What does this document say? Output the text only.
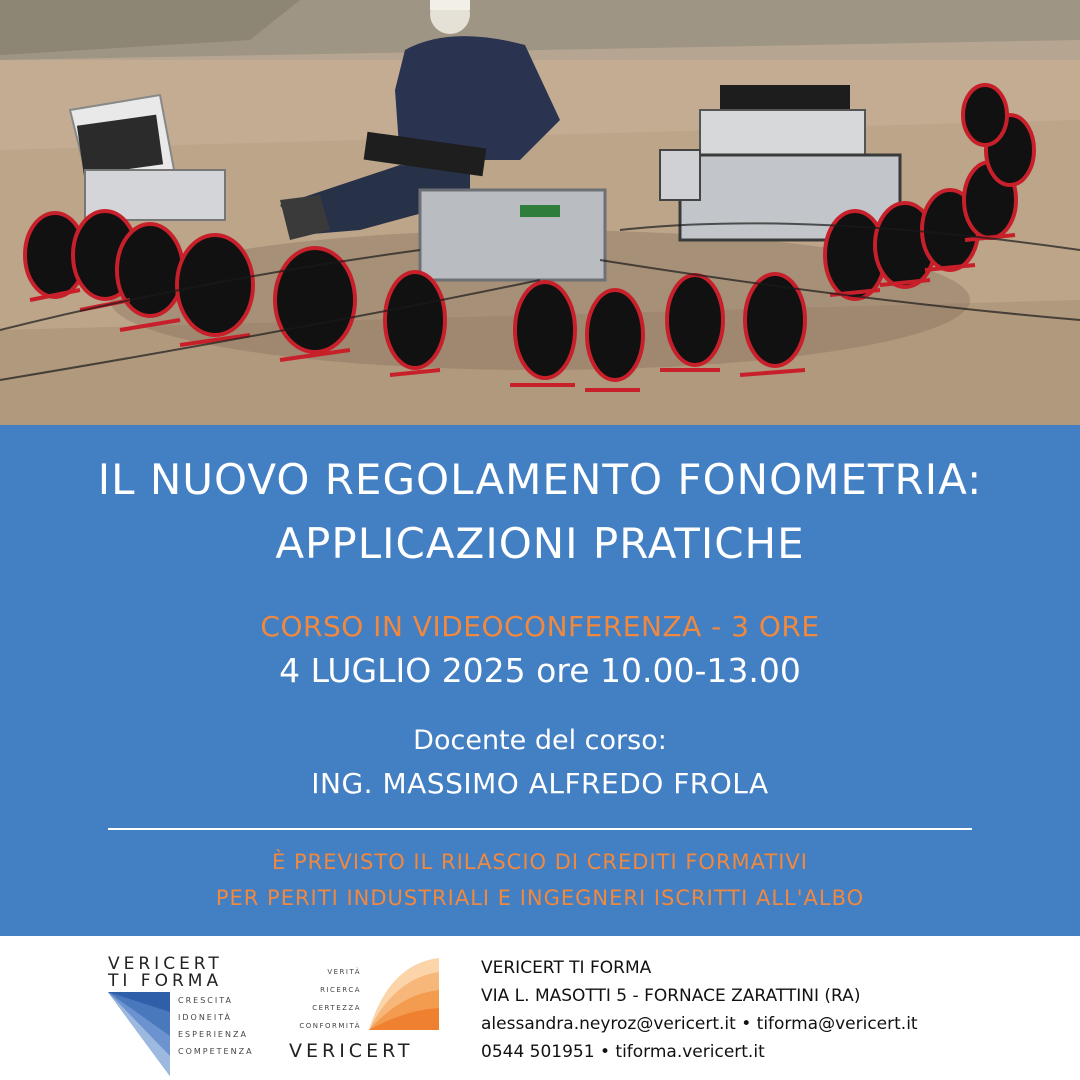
IL NUOVO REGOLAMENTO FONOMETRIA:
APPLICAZIONI PRATICHE
CORSO IN VIDEOCONFERENZA - 3 ORE
4 LUGLIO 2025 ore 10.00-13.00
Docente del corso:
ING. MASSIMO ALFREDO FROLA
È PREVISTO IL RILASCIO DI CREDITI FORMATIVI
PER PERITI INDUSTRIALI E INGEGNERI ISCRITTI ALL'ALBO
VERICERT
TI FORMA
CRESCITA
IDONEITÀ
ESPERIENZA
COMPETENZA
VERITÀ
RICERCA
CERTEZZA
CONFORMITÀ
VERICERT
VERICERT TI FORMA
VIA L. MASOTTI 5 - FORNACE ZARATTINI (RA)
alessandra.neyroz@vericert.it • tiforma@vericert.it
0544 501951 • tiforma.vericert.it
